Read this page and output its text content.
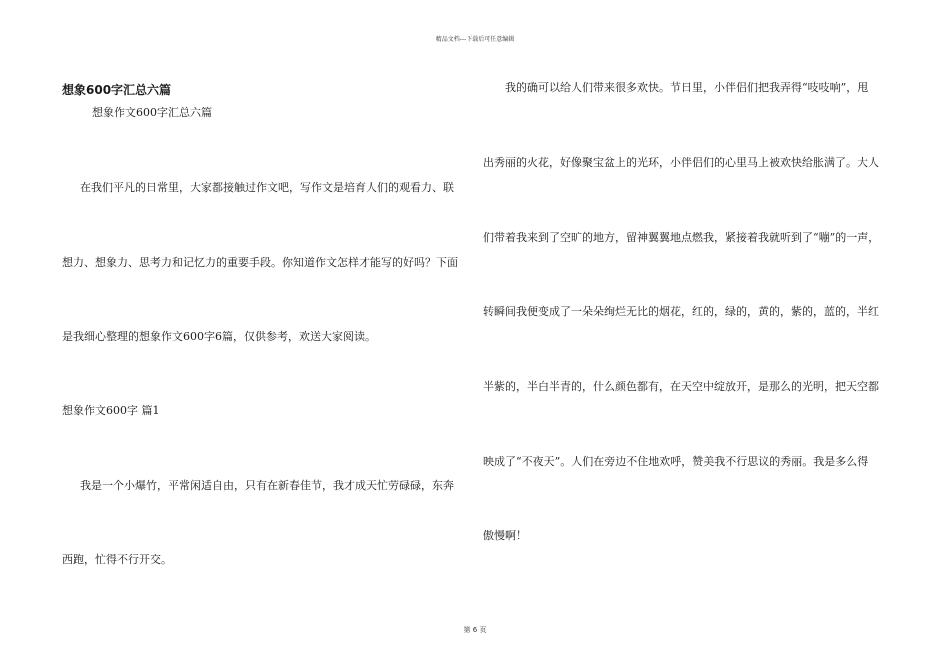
精品文档---下载后可任意编辑
想象600字汇总六篇
想象作文600字汇总六篇
在我们平凡的日常里，大家都接触过作文吧，写作文是培育人们的观看力、联
想力、想象力、思考力和记忆力的重要手段。你知道作文怎样才能写的好吗？下面
是我细心整理的想象作文600字6篇，仅供参考，欢送大家阅读。
想象作文600字 篇1
我是一个小爆竹，平常闲适自由，只有在新春佳节，我才成天忙劳碌碌，东奔
西跑，忙得不行开交。
我的确可以给人们带来很多欢快。节日里，小伴侣们把我弄得“吱吱响”，甩
出秀丽的火花，好像聚宝盆上的光环，小伴侣们的心里马上被欢快给胀满了。大人
们带着我来到了空旷的地方，留神翼翼地点燃我，紧接着我就听到了“嘣”的一声，
转瞬间我便变成了一朵朵绚烂无比的烟花，红的，绿的，黄的，紫的，蓝的，半红
半紫的，半白半青的，什么颜色都有，在天空中绽放开，是那么的光明，把天空都
映成了“不夜天”。人们在旁边不住地欢呼，赞美我不行思议的秀丽。我是多么得
傲慢啊！
第 6 页
